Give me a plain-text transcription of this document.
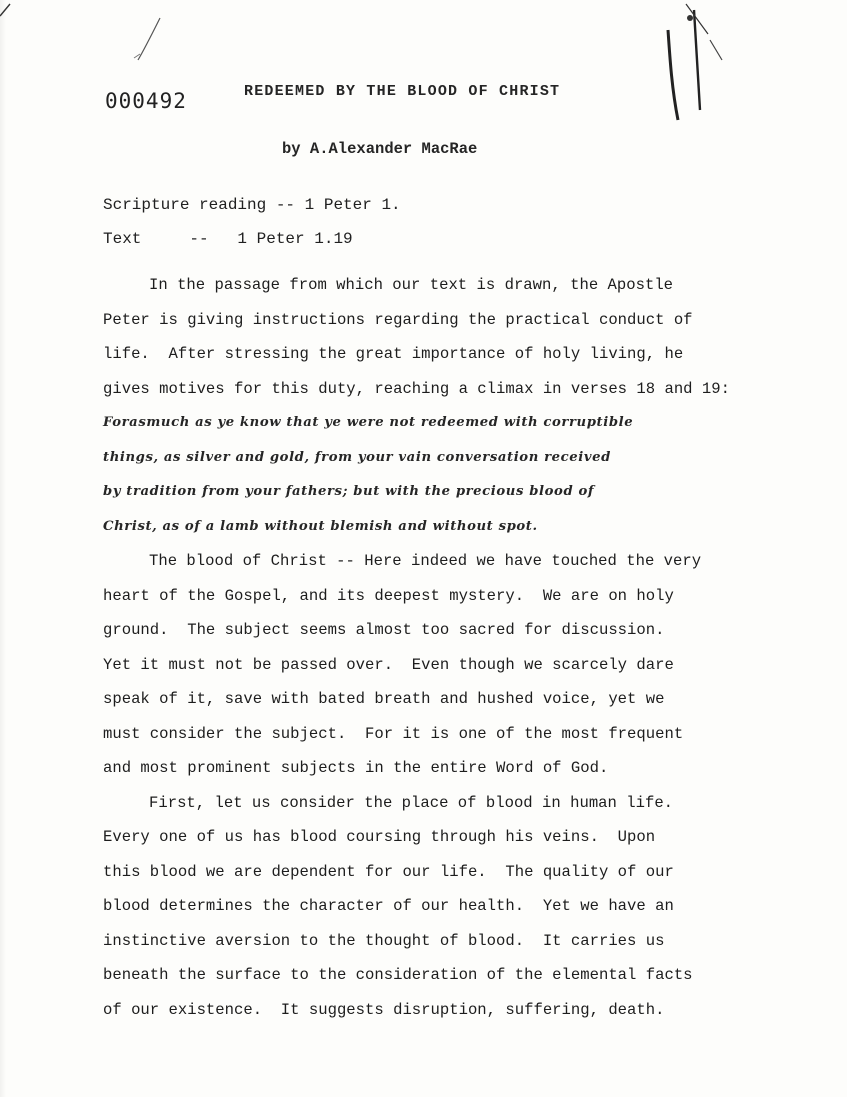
000492	REDEEMED BY THE BLOOD OF CHRIST
by A.Alexander MacRae
Scripture reading -- 1 Peter 1.
Text     --   1 Peter 1.19
In the passage from which our text is drawn, the Apostle
Peter is giving instructions regarding the practical conduct of
life.  After stressing the great importance of holy living, he
gives motives for this duty, reaching a climax in verses 18 and 19:
Forasmuch as ye know that ye were not redeemed with corruptible
things, as silver and gold, from your vain conversation received
by tradition from your fathers; but with the precious blood of
Christ, as of a lamb without blemish and without spot.
The blood of Christ -- Here indeed we have touched the very
heart of the Gospel, and its deepest mystery.  We are on holy
ground.  The subject seems almost too sacred for discussion.
Yet it must not be passed over.  Even though we scarcely dare
speak of it, save with bated breath and hushed voice, yet we
must consider the subject.  For it is one of the most frequent
and most prominent subjects in the entire Word of God.
First, let us consider the place of blood in human life.
Every one of us has blood coursing through his veins.  Upon
this blood we are dependent for our life.  The quality of our
blood determines the character of our health.  Yet we have an
instinctive aversion to the thought of blood.  It carries us
beneath the surface to the consideration of the elemental facts
of our existence.  It suggests disruption, suffering, death.
